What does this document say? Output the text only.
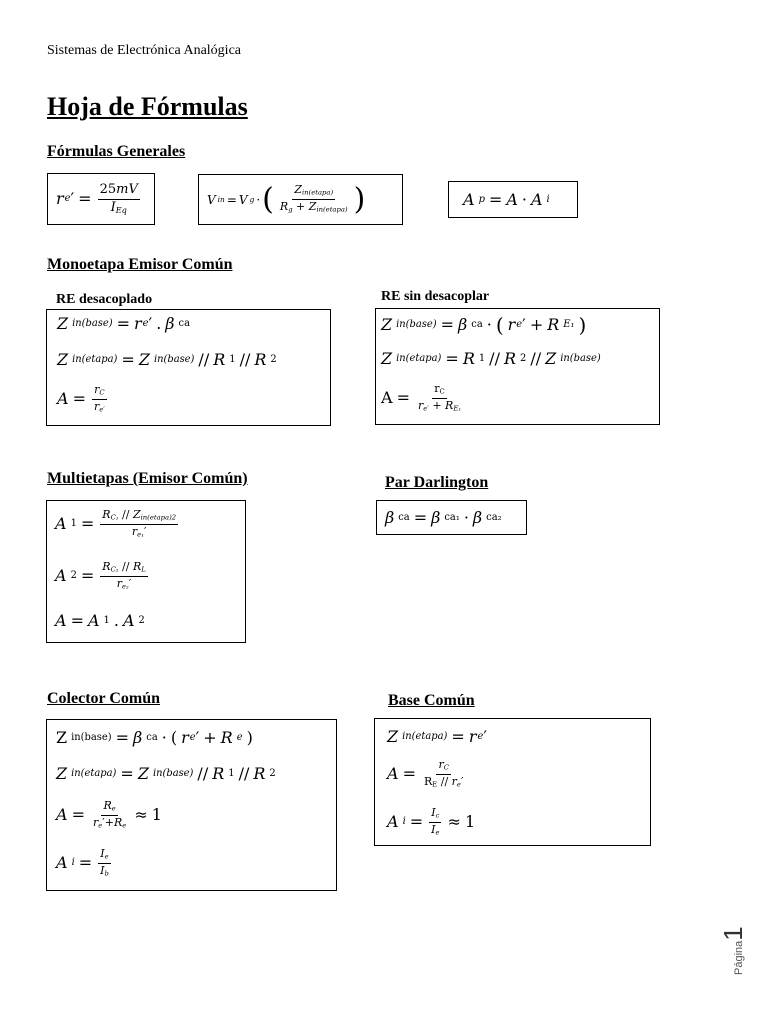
Sistemas de Electrónica Analógica
Hoja de Fórmulas
Fórmulas Generales
r e ′ = $\frac{25mV}{I_{Eq}}$	V in = V g · ( $\frac{Z_{in(etapa)}}{R_g + Z_{in(etapa)}}$ )	A p = A · A i
Monoetapa Emisor Común
RE desacoplado	RE sin desacoplar
Z in(base) = r e ′ . β ca
Z in(etapa) = Z in(base) // R 1 // R 2
$A = \frac{r_C}{r_{e'}}$
Z in(base) = β ca · ( r e ′ + R E₁ )
Z in(etapa) = R 1 // R 2 // Z in(base)
$A = \frac{r_C}{r_{e'} + R_{E_1}}$
Multietapas (Emisor Común)
A $1 = \frac{R_{C_1} // Z_{in(etapa)2}}{r_{e_1}'}$
A $2 = \frac{R_{C_2} // R_L}{r_{e_2}'}$
A = A 1 . A 2
Par Darlington
β ca = β ca₁ · β ca₂
Colector Común
Z in(base) = β ca · ( r e ′ + R e )
Z in(etapa) = Z in(base) // R 1 // R 2
$A = \frac{R_e}{r_e'+R_e} \approx 1$
A $i = \frac{I_e}{I_b}$
Base Común
Z in(etapa) = r e ′
$A = \frac{r_C}{R_E // r_e'}$
A $i = \frac{I_c}{I_e} \approx 1$
Página1
